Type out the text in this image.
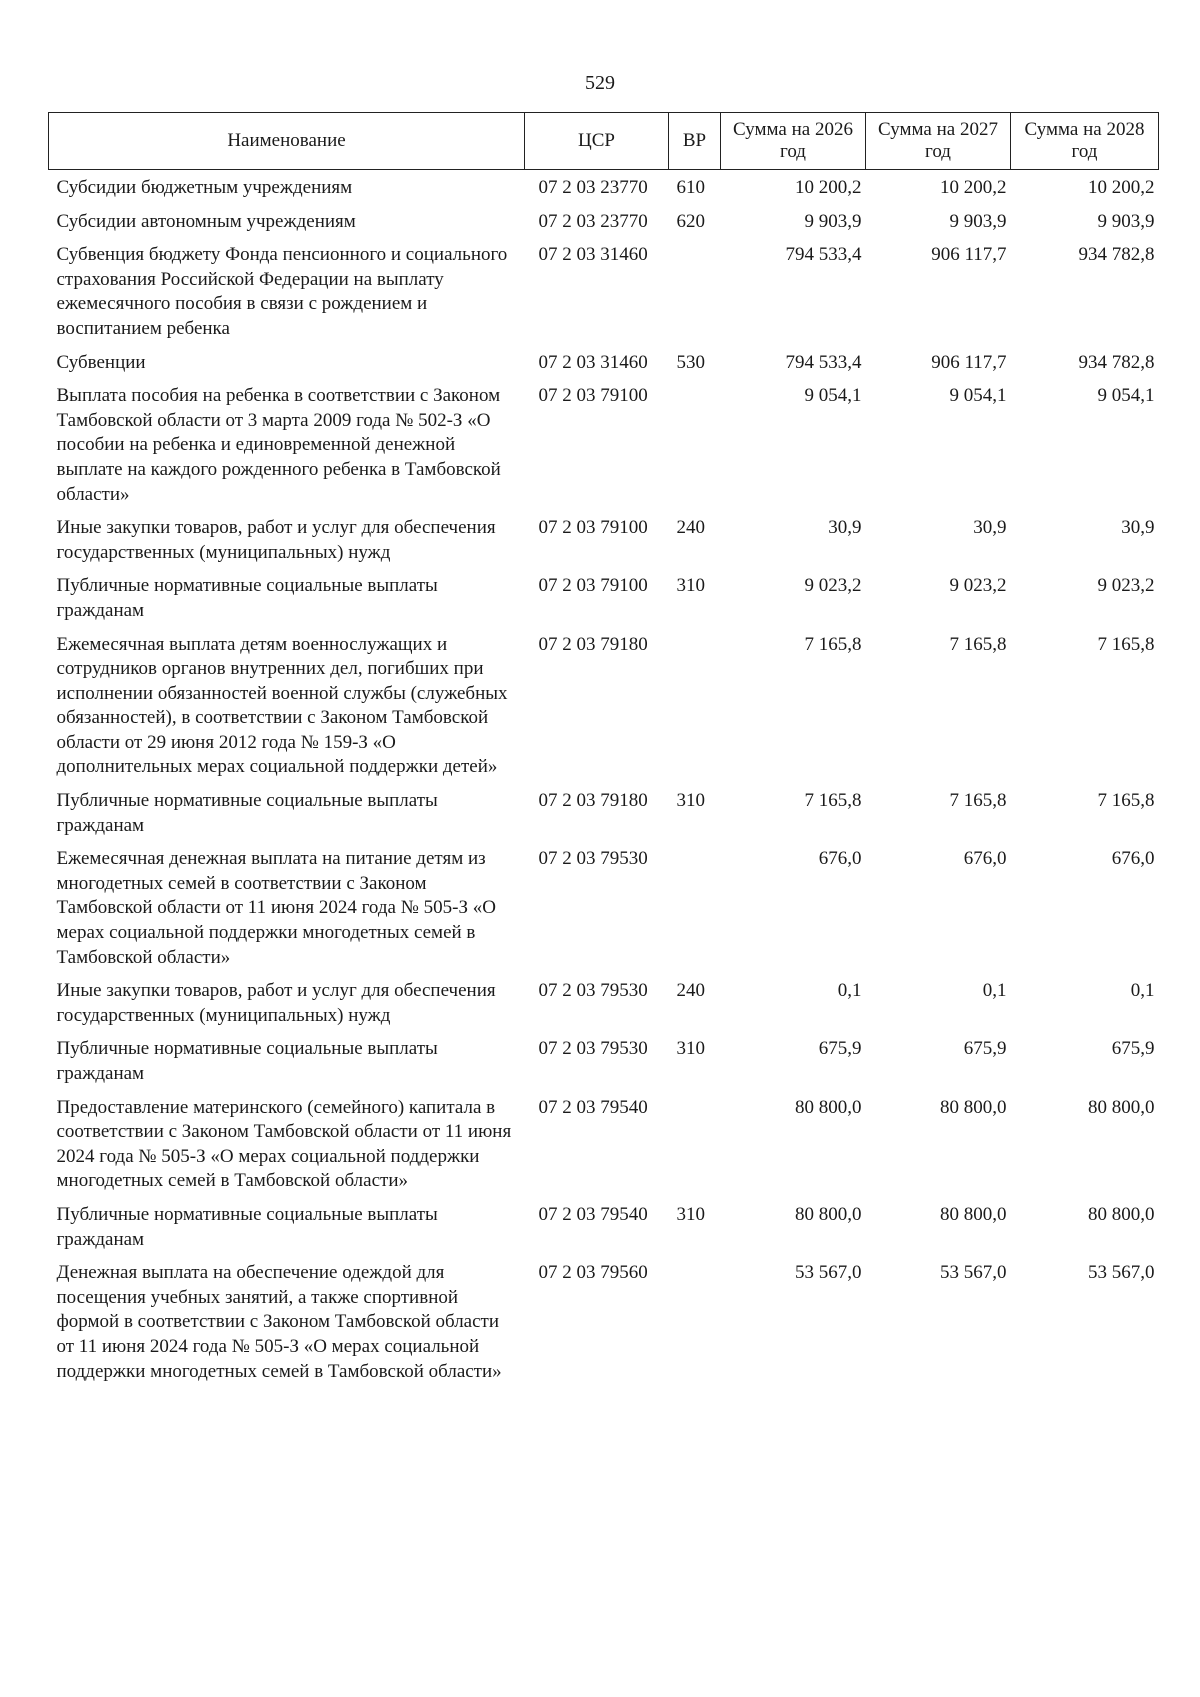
529
Наименование	ЦСР	ВР	Сумма на 2026 год	Сумма на 2027 год	Сумма на 2028 год
Субсидии бюджетным учреждениям	07 2 03 23770	610	10 200,2	10 200,2	10 200,2
Субсидии автономным учреждениям	07 2 03 23770	620	9 903,9	9 903,9	9 903,9
Субвенция бюджету Фонда пенсионного и социального страхования Российской Федерации на выплату ежемесячного пособия в связи с рождением и воспитанием ребенка	07 2 03 31460		794 533,4	906 117,7	934 782,8
Субвенции	07 2 03 31460	530	794 533,4	906 117,7	934 782,8
Выплата пособия на ребенка в соответствии с Законом Тамбовской области от 3 марта 2009 года № 502-З «О пособии на ребенка и единовременной денежной выплате на каждого рожденного ребенка в Тамбовской области»	07 2 03 79100		9 054,1	9 054,1	9 054,1
Иные закупки товаров, работ и услуг для обеспечения государственных (муниципальных) нужд	07 2 03 79100	240	30,9	30,9	30,9
Публичные нормативные социальные выплаты гражданам	07 2 03 79100	310	9 023,2	9 023,2	9 023,2
Ежемесячная выплата детям военнослужащих и сотрудников органов внутренних дел, погибших при исполнении обязанностей военной службы (служебных обязанностей), в соответствии с Законом Тамбовской области от 29 июня 2012 года № 159-З «О дополнительных мерах социальной поддержки детей»	07 2 03 79180		7 165,8	7 165,8	7 165,8
Публичные нормативные социальные выплаты гражданам	07 2 03 79180	310	7 165,8	7 165,8	7 165,8
Ежемесячная денежная выплата на питание детям из многодетных семей в соответствии с Законом Тамбовской области от 11 июня 2024 года № 505-З «О мерах социальной поддержки многодетных семей в Тамбовской области»	07 2 03 79530		676,0	676,0	676,0
Иные закупки товаров, работ и услуг для обеспечения государственных (муниципальных) нужд	07 2 03 79530	240	0,1	0,1	0,1
Публичные нормативные социальные выплаты гражданам	07 2 03 79530	310	675,9	675,9	675,9
Предоставление материнского (семейного) капитала в соответствии с Законом Тамбовской области от 11 июня 2024 года № 505-З «О мерах социальной поддержки многодетных семей в Тамбовской области»	07 2 03 79540		80 800,0	80 800,0	80 800,0
Публичные нормативные социальные выплаты гражданам	07 2 03 79540	310	80 800,0	80 800,0	80 800,0
Денежная выплата на обеспечение одеждой для посещения учебных занятий, а также спортивной формой в соответствии с Законом Тамбовской области от 11 июня 2024 года № 505-З «О мерах социальной поддержки многодетных семей в Тамбовской области»	07 2 03 79560		53 567,0	53 567,0	53 567,0
